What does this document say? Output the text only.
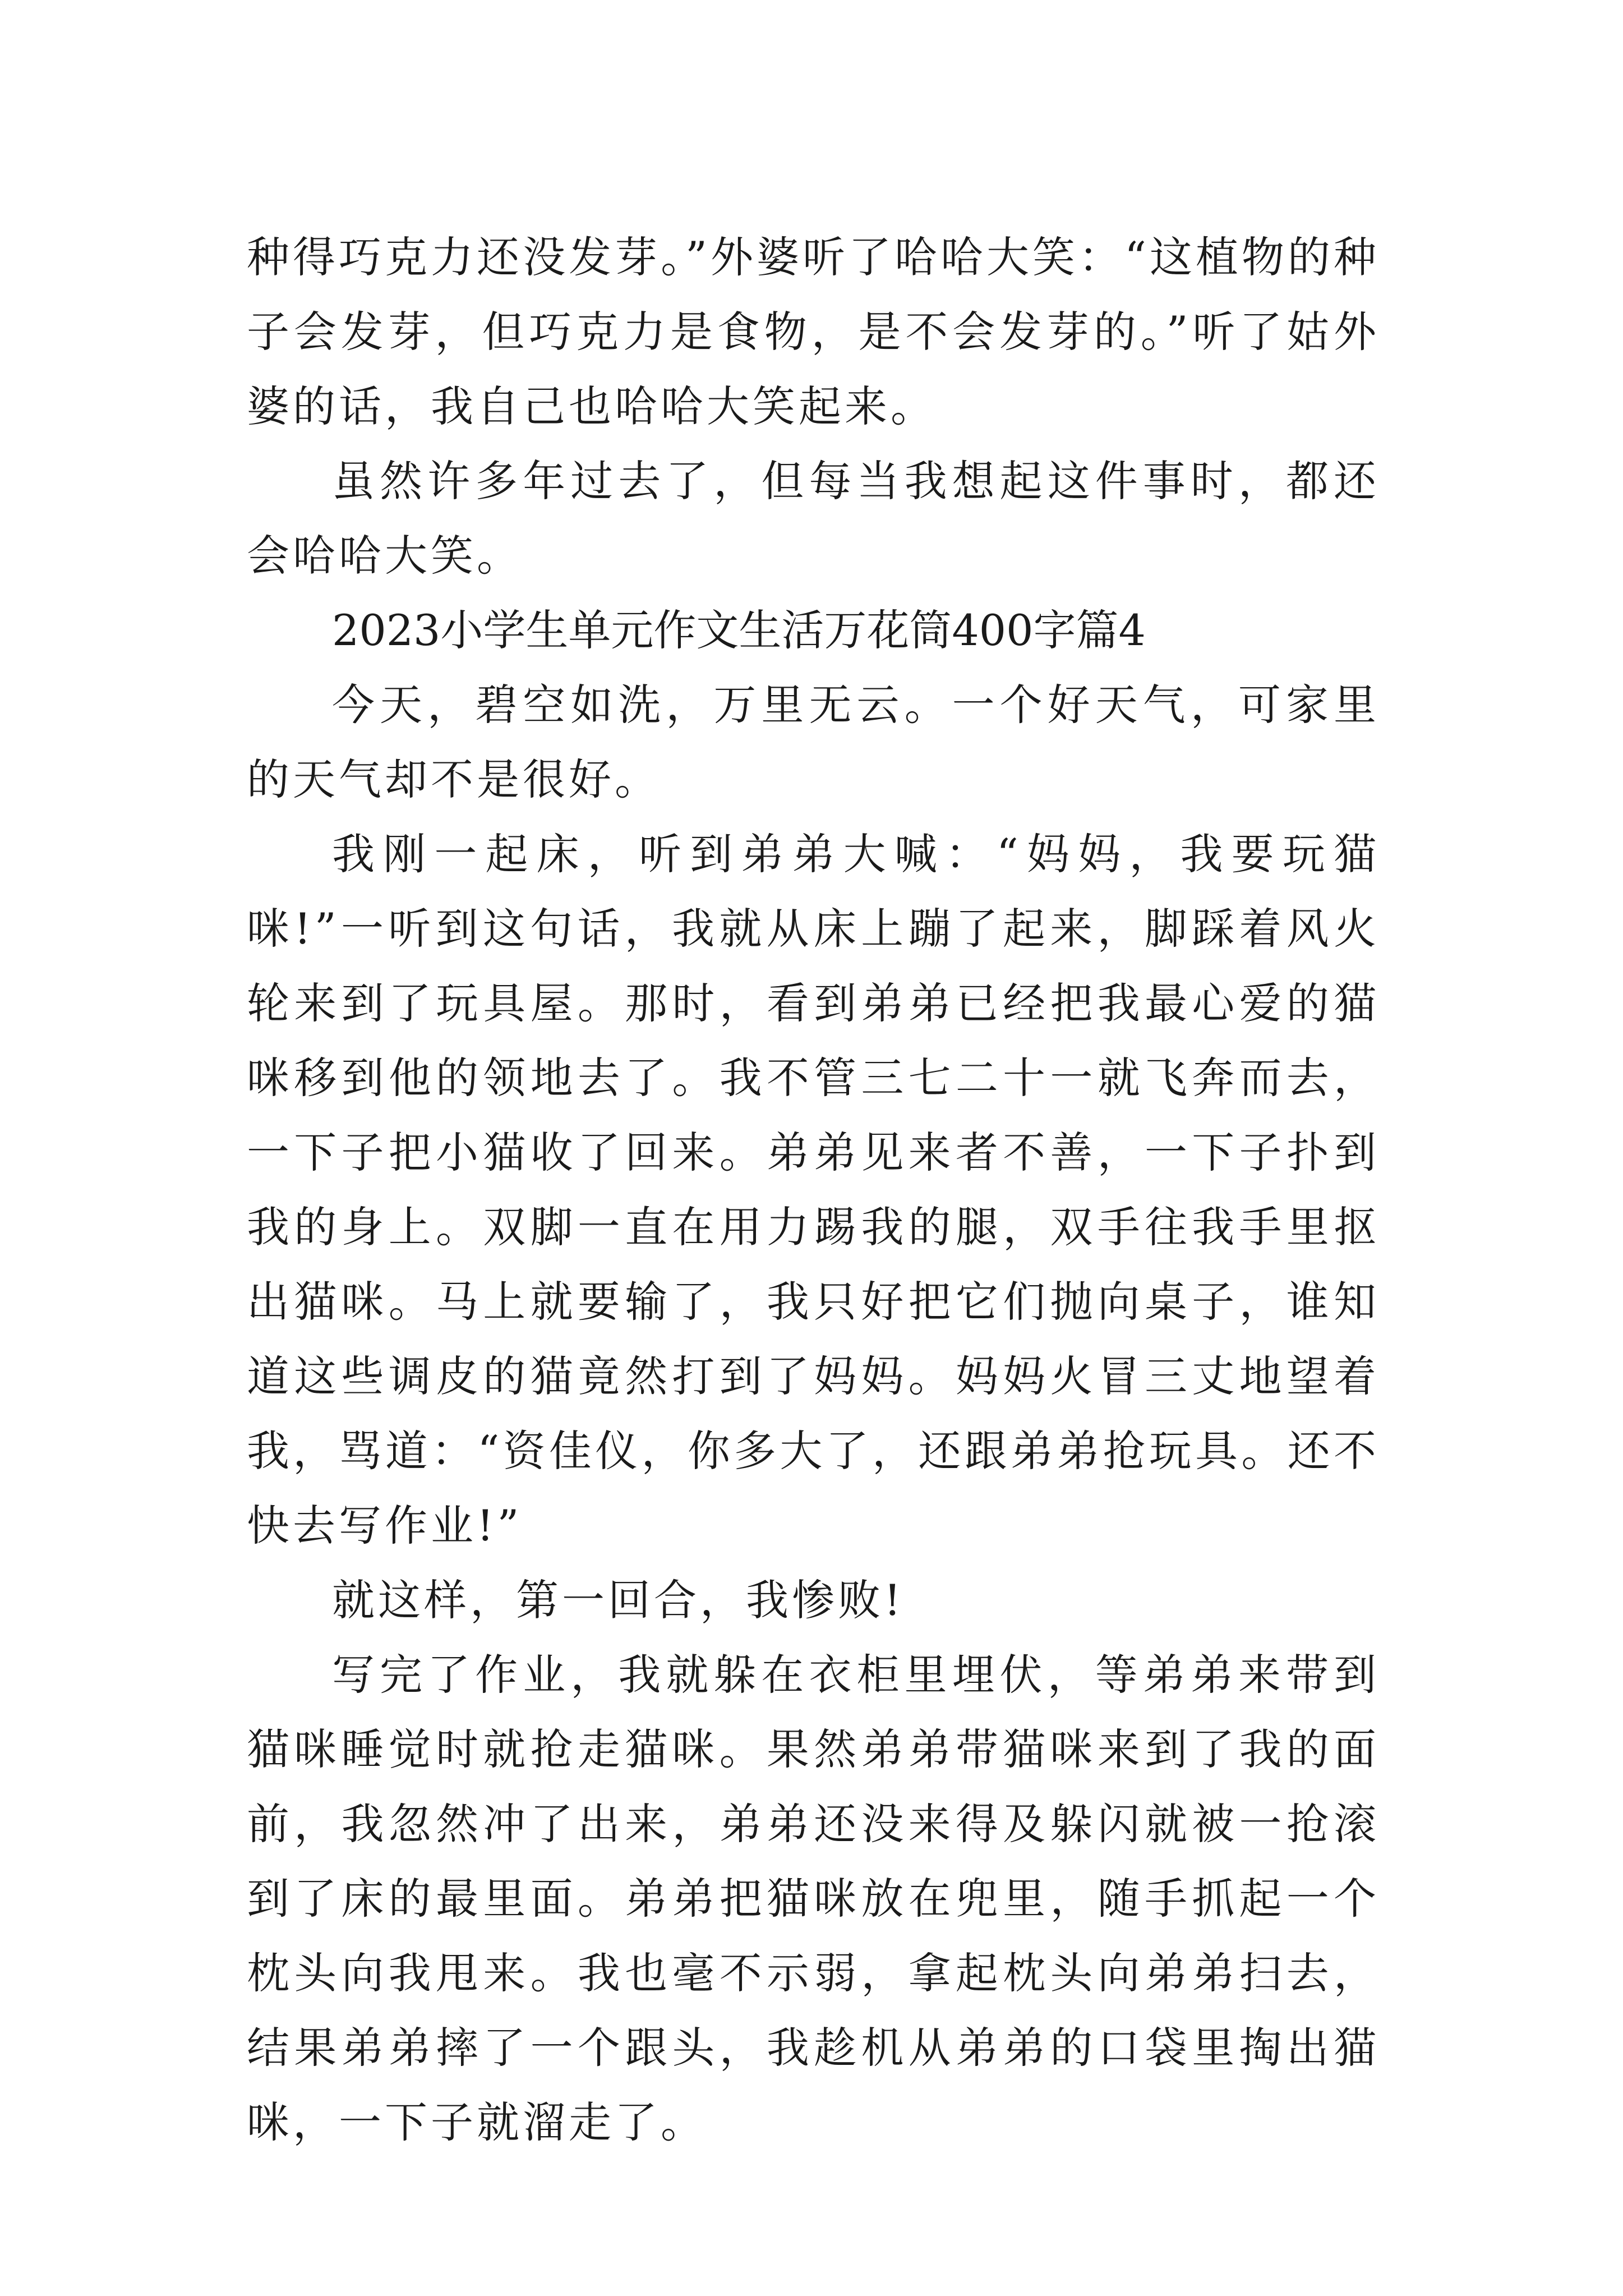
种得巧克力还没发芽。”外婆听了哈哈大笑：“这植物的种子会发芽，但巧克力是食物，是不会发芽的。”听了姑外婆的话，我自己也哈哈大笑起来。

虽然许多年过去了，但每当我想起这件事时，都还会哈哈大笑。

2023小学生单元作文生活万花筒400字篇4

今天，碧空如洗，万里无云。一个好天气，可家里的天气却不是很好。

我刚一起床，听到弟弟大喊：“妈妈，我要玩猫咪!”一听到这句话，我就从床上蹦了起来，脚踩着风火轮来到了玩具屋。那时，看到弟弟已经把我最心爱的猫咪移到他的领地去了。我不管三七二十一就飞奔而去，一下子把小猫收了回来。弟弟见来者不善，一下子扑到我的身上。双脚一直在用力踢我的腿，双手往我手里抠出猫咪。马上就要输了，我只好把它们抛向桌子，谁知道这些调皮的猫竟然打到了妈妈。妈妈火冒三丈地望着我，骂道：“资佳仪，你多大了，还跟弟弟抢玩具。还不快去写作业!”

就这样，第一回合，我惨败!

写完了作业，我就躲在衣柜里埋伏，等弟弟来带到猫咪睡觉时就抢走猫咪。果然弟弟带猫咪来到了我的面前，我忽然冲了出来，弟弟还没来得及躲闪就被一抢滚到了床的最里面。弟弟把猫咪放在兜里，随手抓起一个枕头向我甩来。我也毫不示弱，拿起枕头向弟弟扫去，结果弟弟摔了一个跟头，我趁机从弟弟的口袋里掏出猫咪，一下子就溜走了。
